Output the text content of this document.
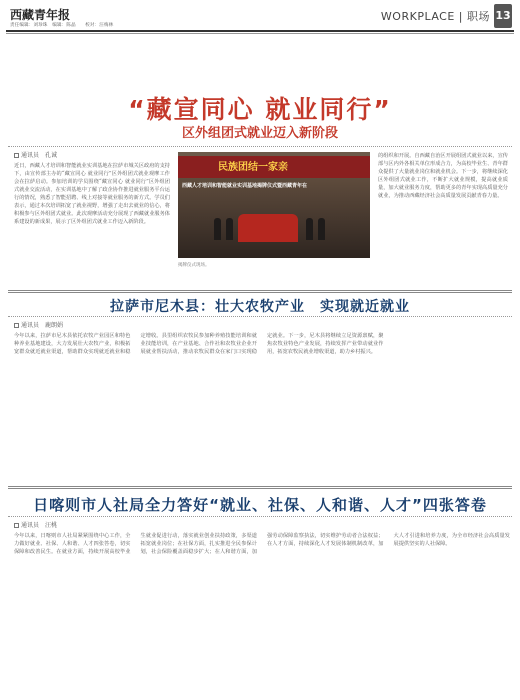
西藏青年报
责任编辑：刘珍珠　编辑：陈晶　　校对：汪梅林
WORKPLACE | 职场 13
“藏宣同心 就业同行”
区外组团式就业迈入新阶段
通讯员　孔诚
近日，西藏人才培训和智能就业实训基地在拉萨市城关区政府的支持下，由宣传部主办的“藏宣同心 就业同行”区外组团式就业观摩工作会在拉萨启动。参加培训的学员围绕“藏宣同心 就业同行”区外组团式就业交流活动，在实训基地中了解了政企协作推进就业服务平台运行的情况，熟悉了智能招聘、线上对接等就业服务的新方式。学员们表示，通过本次培训拓宽了就业视野，增强了走出去就业的信心，将积极参与区外组团式就业。此次观摩活动充分展现了西藏就业服务体系建设的新成果，展示了区外组团式就业工作迈入新阶段。
民族团结一家亲
西藏人才培训和智能就业实训基地揭牌仪式暨西藏青年在
揭牌仪式现场。
的组织和开展。自西藏自治区开展组团式就业以来，宣传部与区内外各相关单位形成合力，为高校毕业生、青年群众提供了大量就业岗位和就业机会。下一步，将继续深化区外组团式就业工作，不断扩大就业规模，提高就业质量，加大就业服务力度，帮助更多的青年实现高质量充分就业，为推动西藏经济社会高质量发展贡献青春力量。
拉萨市尼木县：壮大农牧产业　实现就近就业
通讯员　鹿朗娟
今年以来，拉萨市尼木县依托农牧产业园区和特色种养业基地建设，大力发展壮大农牧产业，积极拓宽群众就近就业渠道，帮助群众实现就近就业和稳定增收。县里组织农牧民参加种养殖技能培训和就业技能培训，在产业基地、合作社和农牧业企业开展就业帮扶活动，推动农牧民群众在家门口实现稳定就业。下一步，尼木县将继续立足资源禀赋，聚焦农牧业特色产业发展，持续发挥产业带动就业作用，拓宽农牧民就业增收渠道，助力乡村振兴。
日喀则市人社局全力答好“就业、社保、人和谐、人才”四张答卷
通讯员　汪桃
今年以来，日喀则市人社局紧紧围绕中心工作，全力做好就业、社保、人和谐、人才四张答卷，切实保障和改善民生。在就业方面，持续开展高校毕业生就业促进行动，落实就业创业扶持政策，多渠道拓宽就业岗位；在社保方面，扎实推进全民参保计划，社会保险覆盖面稳步扩大；在人和谐方面，加强劳动保障监察执法，切实维护劳动者合法权益；在人才方面，持续深化人才发展体制机制改革，加大人才引进和培养力度，为全市经济社会高质量发展提供坚实的人社保障。
